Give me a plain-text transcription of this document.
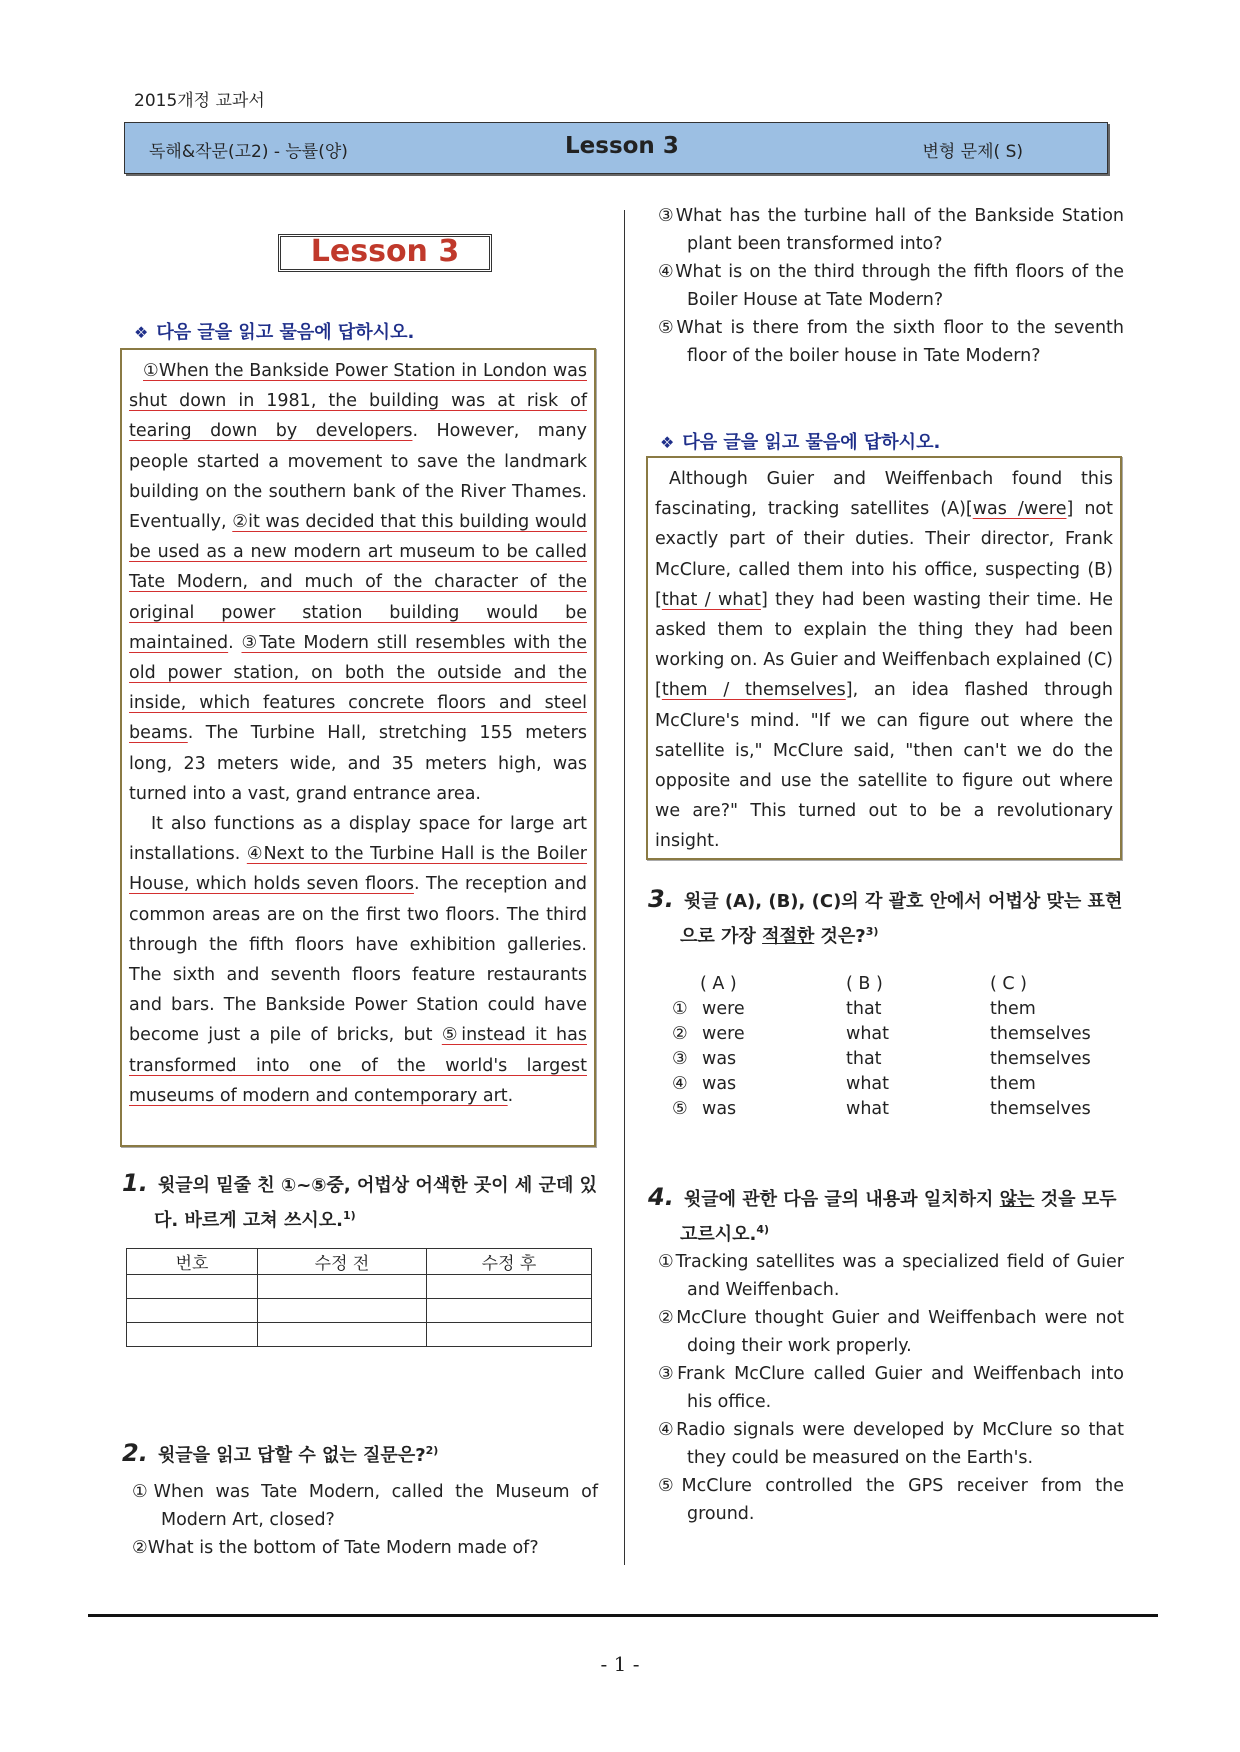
2015개정 교과서
독해&작문(고2) - 능률(양)	Lesson 3	변형 문제( S)
Lesson 3
❖ 다음 글을 읽고 물음에 답하시오.

①When the Bankside Power Station in London was shut down in 1981, the building was at risk of tearing down by developers. However, many people started a movement to save the landmark building on the southern bank of the River Thames. Eventually, ②it was decided that this building would be used as a new modern art museum to be called Tate Modern, and much of the character of the original power station building would be maintained. ③Tate Modern still resembles with the old power station, on both the outside and the inside, which features concrete floors and steel beams. The Turbine Hall, stretching 155 meters long, 23 meters wide, and 35 meters high, was turned into a vast, grand entrance area.

It also functions as a display space for large art installations. ④Next to the Turbine Hall is the Boiler House, which holds seven floors. The reception and common areas are on the first two floors. The third through the fifth floors have exhibition galleries. The sixth and seventh floors feature restaurants and bars. The Bankside Power Station could have become just a pile of bricks, but ⑤instead it has transformed into one of the world's largest museums of modern and contemporary art.

1. 윗글의 밑줄 친 ①~⑤중, 어법상 어색한 곳이 세 군데 있다. 바르게 고쳐 쓰시오.$^{1)}$
번호	수정 전	수정 후

2. 윗글을 읽고 답할 수 없는 질문은?$^{2)}$
①When was Tate Modern, called the Museum of Modern Art, closed?
②What is the bottom of Tate Modern made of?
③What has the turbine hall of the Bankside Station plant been transformed into?
④What is on the third through the fifth floors of the Boiler House at Tate Modern?
⑤What is there from the sixth floor to the seventh floor of the boiler house in Tate Modern?
❖ 다음 글을 읽고 물음에 답하시오.

Although Guier and Weiffenbach found this fascinating, tracking satellites (A)[was /were] not exactly part of their duties. Their director, Frank McClure, called them into his office, suspecting (B)[that / what] they had been wasting their time. He asked them to explain the thing they had been working on. As Guier and Weiffenbach explained (C)[them / themselves], an idea flashed through McClure's mind. "If we can figure out where the satellite is," McClure said, "then can't we do the opposite and use the satellite to figure out where we are?" This turned out to be a revolutionary insight.

3. 윗글 (A), (B), (C)의 각 괄호 안에서 어법상 맞는 표현으로 가장 적절한 것은?$^{3)}$
( A )	( B )	( C )
① were	that	them
② were	what	themselves
③ was	that	themselves
④ was	what	them
⑤ was	what	themselves
4. 윗글에 관한 다음 글의 내용과 일치하지 않는 것을 모두 고르시오.$^{4)}$
①Tracking satellites was a specialized field of Guier and Weiffenbach.
②McClure thought Guier and Weiffenbach were not doing their work properly.
③Frank McClure called Guier and Weiffenbach into his office.
④Radio signals were developed by McClure so that they could be measured on the Earth's.
⑤McClure controlled the GPS receiver from the ground.
- 1 -
